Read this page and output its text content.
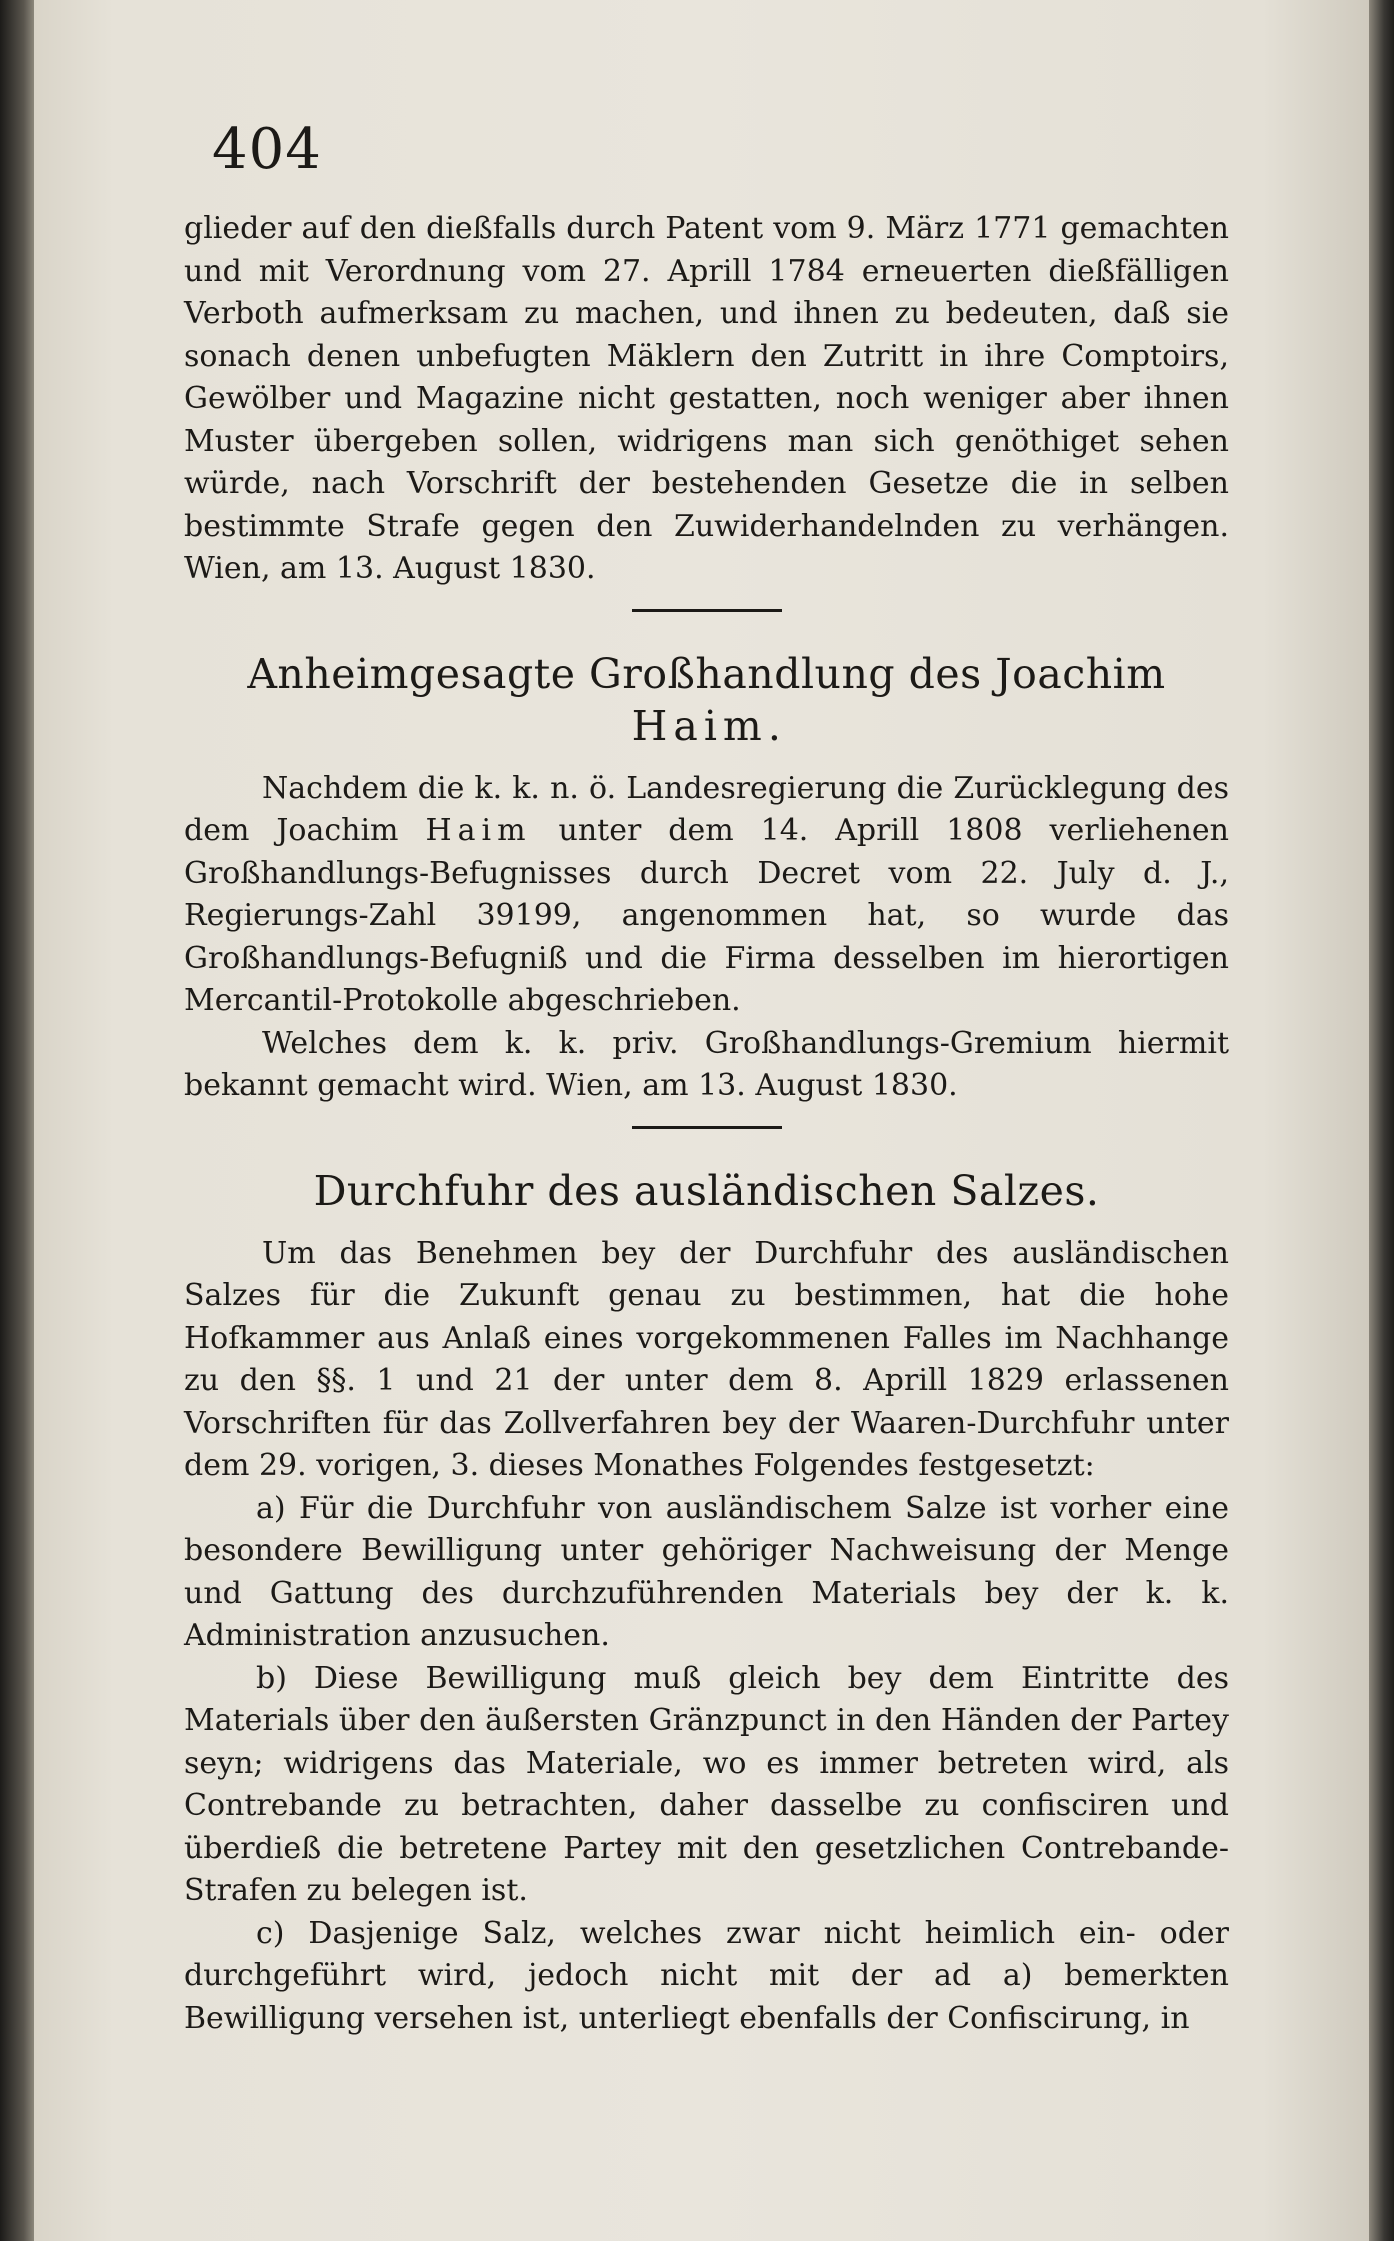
404

glieder auf den dießfalls durch Patent vom 9. März 1771 gemachten und mit Verordnung vom 27. Aprill 1784 erneuerten dießfälligen Verboth aufmerksam zu machen, und ihnen zu bedeuten, daß sie sonach denen unbefugten Mäklern den Zutritt in ihre Comptoirs, Gewölber und Magazine nicht gestatten, noch weniger aber ihnen Muster übergeben sollen, widrigens man sich genöthiget sehen würde, nach Vorschrift der bestehenden Gesetze die in selben bestimmte Strafe gegen den Zuwiderhandelnden zu verhängen. Wien, am 13. August 1830.

Anheimgesagte Großhandlung des Joachim Haim.

Nachdem die k. k. n. ö. Landesregierung die Zurücklegung des dem Joachim Haim unter dem 14. Aprill 1808 verliehenen Großhandlungs-Befugnisses durch Decret vom 22. July d. J., Regierungs-Zahl 39199, angenommen hat, so wurde das Großhandlungs-Befugniß und die Firma desselben im hierortigen Mercantil-Protokolle abgeschrieben.

Welches dem k. k. priv. Großhandlungs-Gremium hiermit bekannt gemacht wird. Wien, am 13. August 1830.

Durchfuhr des ausländischen Salzes.

Um das Benehmen bey der Durchfuhr des ausländischen Salzes für die Zukunft genau zu bestimmen, hat die hohe Hofkammer aus Anlaß eines vorgekommenen Falles im Nachhange zu den §§. 1 und 21 der unter dem 8. Aprill 1829 erlassenen Vorschriften für das Zollverfahren bey der Waaren-Durchfuhr unter dem 29. vorigen, 3. dieses Monathes Folgendes festgesetzt:

a) Für die Durchfuhr von ausländischem Salze ist vorher eine besondere Bewilligung unter gehöriger Nachweisung der Menge und Gattung des durchzuführenden Materials bey der k. k. Administration anzusuchen.

b) Diese Bewilligung muß gleich bey dem Eintritte des Materials über den äußersten Gränzpunct in den Händen der Partey seyn; widrigens das Materiale, wo es immer betreten wird, als Contrebande zu betrachten, daher dasselbe zu confisciren und überdieß die betretene Partey mit den gesetzlichen Contrebande-Strafen zu belegen ist.

c) Dasjenige Salz, welches zwar nicht heimlich ein- oder durchgeführt wird, jedoch nicht mit der ad a) bemerkten Bewilligung versehen ist, unterliegt ebenfalls der Confiscirung, in
